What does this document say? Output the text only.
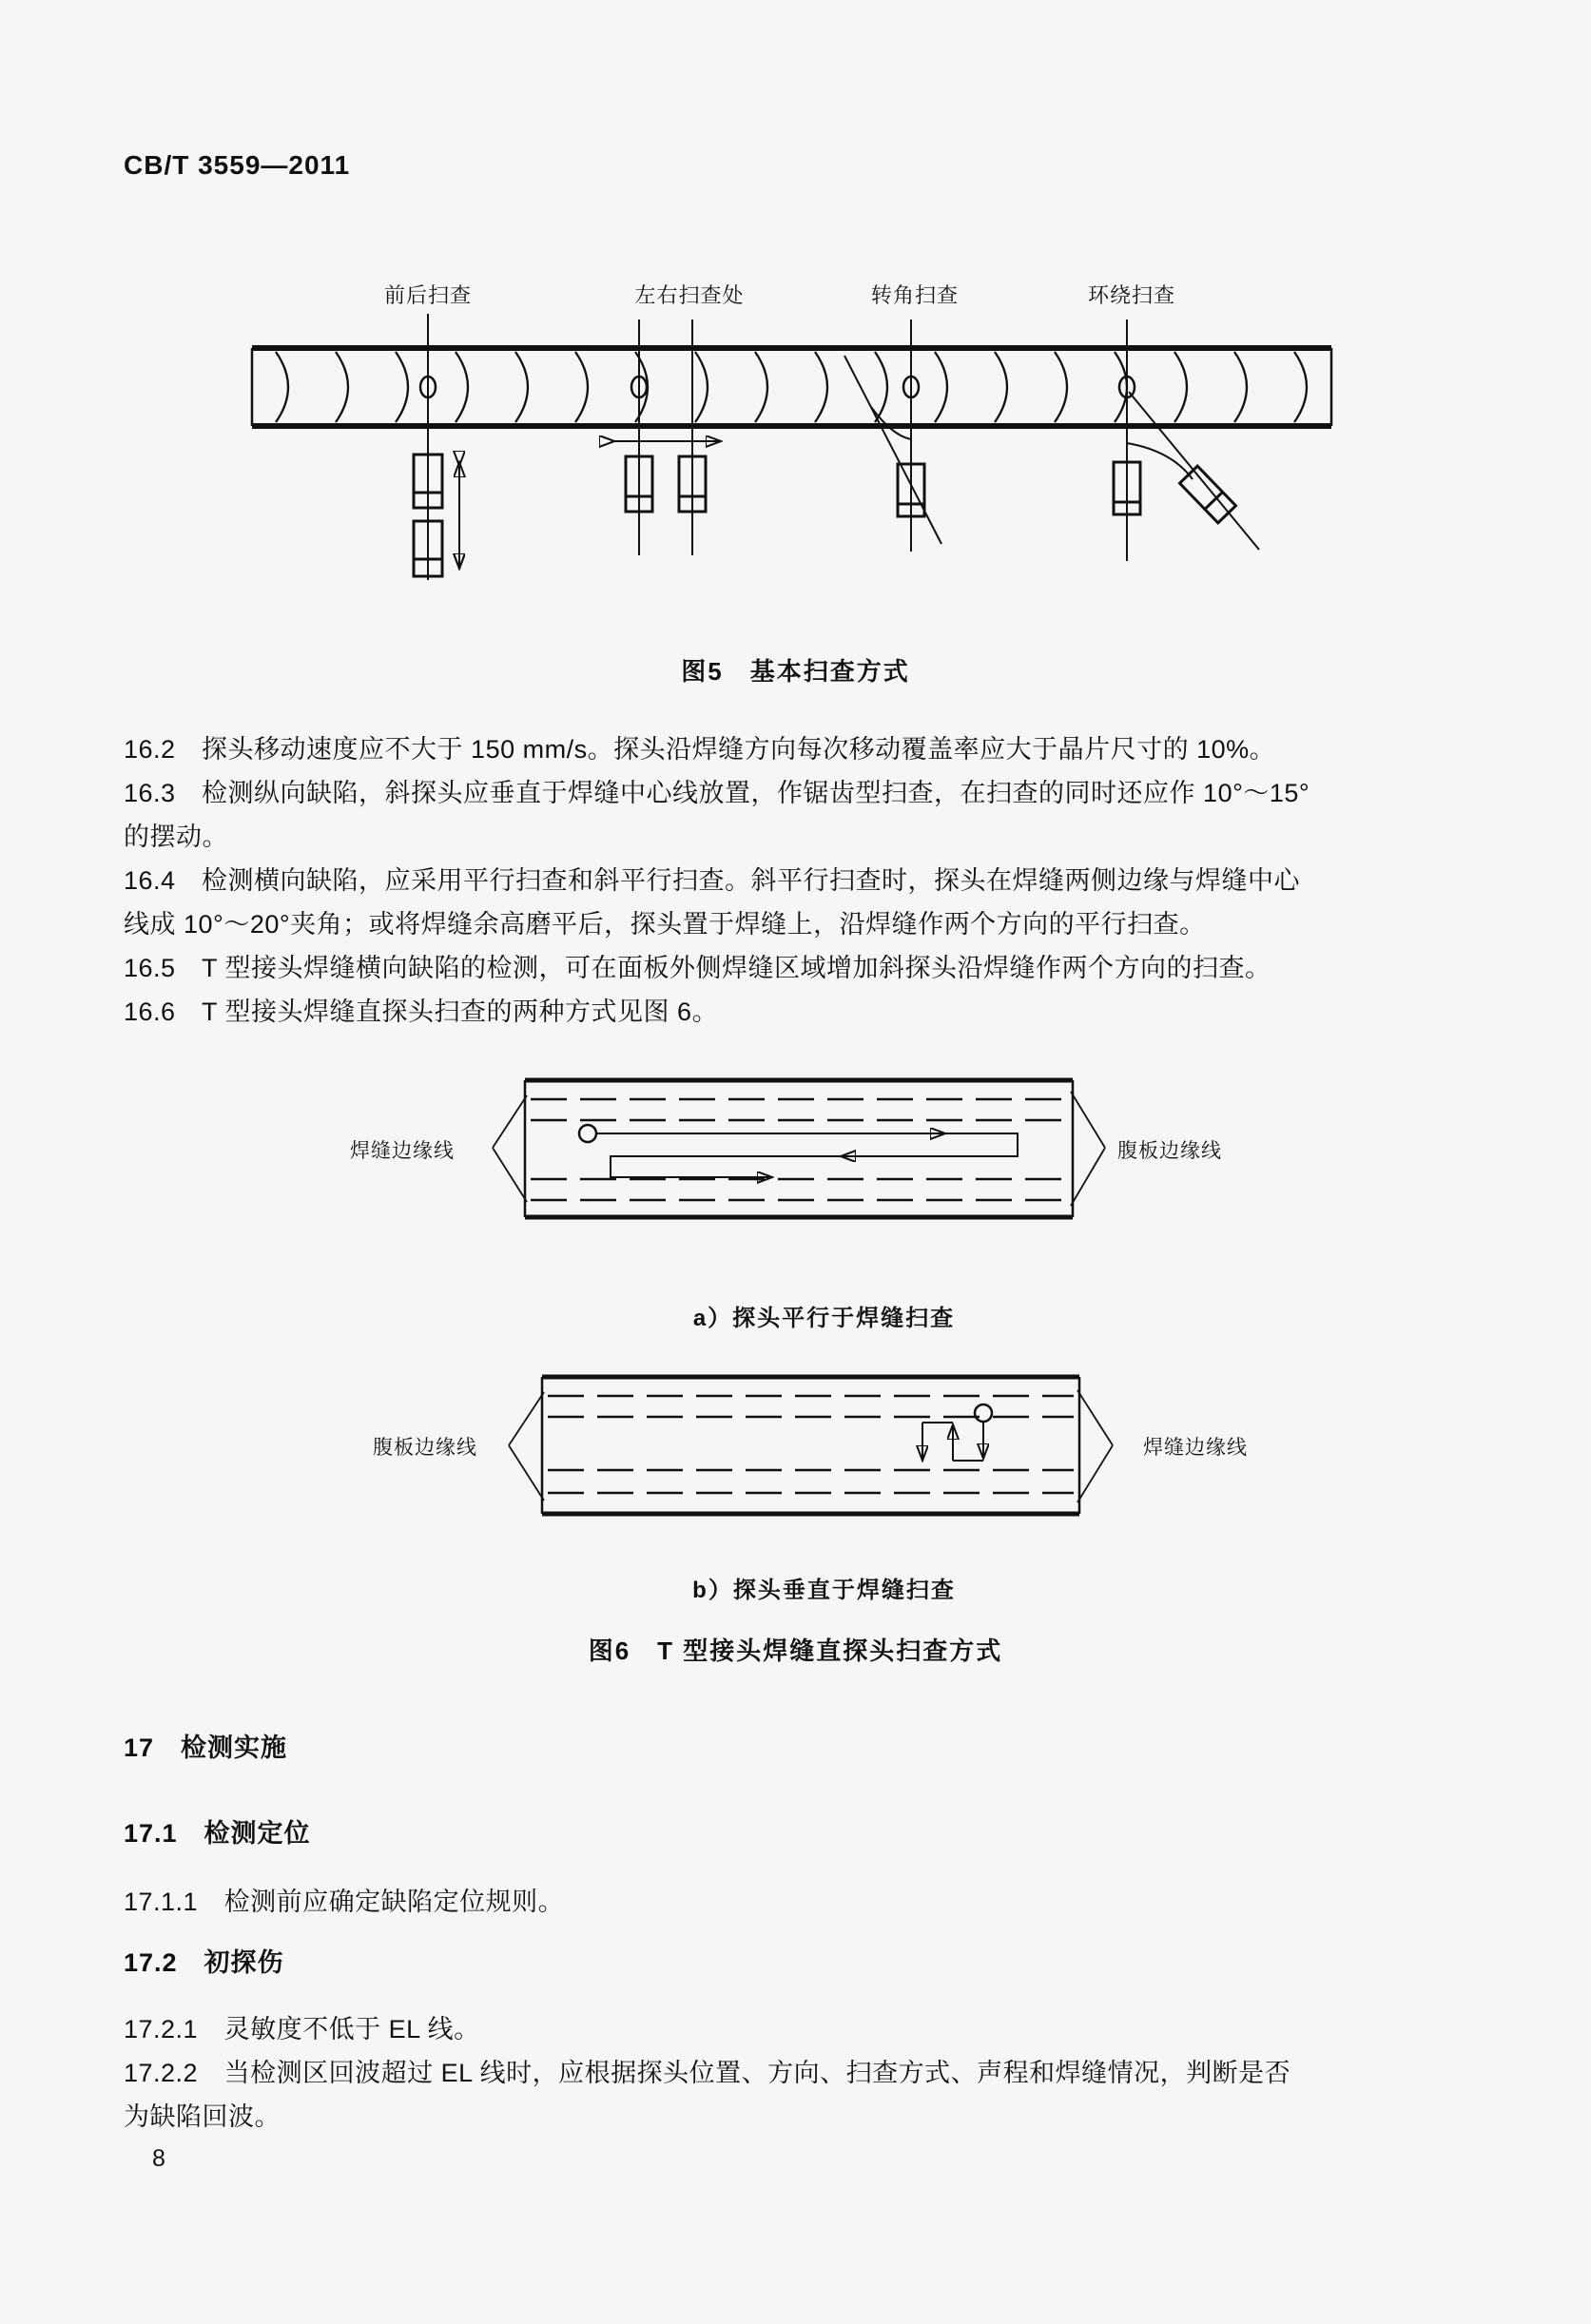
CB/T 3559—2011
前后扫查	左右扫查处	转角扫查	环绕扫查
图5　基本扫查方式
16.2　探头移动速度应不大于 150 mm/s。探头沿焊缝方向每次移动覆盖率应大于晶片尺寸的 10%。
16.3　检测纵向缺陷，斜探头应垂直于焊缝中心线放置，作锯齿型扫查，在扫查的同时还应作 10°～15°
的摆动。
16.4　检测横向缺陷，应采用平行扫查和斜平行扫查。斜平行扫查时，探头在焊缝两侧边缘与焊缝中心
线成 10°～20°夹角；或将焊缝余高磨平后，探头置于焊缝上，沿焊缝作两个方向的平行扫查。
16.5　T 型接头焊缝横向缺陷的检测，可在面板外侧焊缝区域增加斜探头沿焊缝作两个方向的扫查。
16.6　T 型接头焊缝直探头扫查的两种方式见图 6。
焊缝边缘线	腹板边缘线
a）探头平行于焊缝扫查
腹板边缘线	焊缝边缘线
b）探头垂直于焊缝扫查
图6　T 型接头焊缝直探头扫查方式
17　检测实施
17.1　检测定位
17.1.1　检测前应确定缺陷定位规则。
17.2　初探伤
17.2.1　灵敏度不低于 EL 线。
17.2.2　当检测区回波超过 EL 线时，应根据探头位置、方向、扫查方式、声程和焊缝情况，判断是否
为缺陷回波。
8
